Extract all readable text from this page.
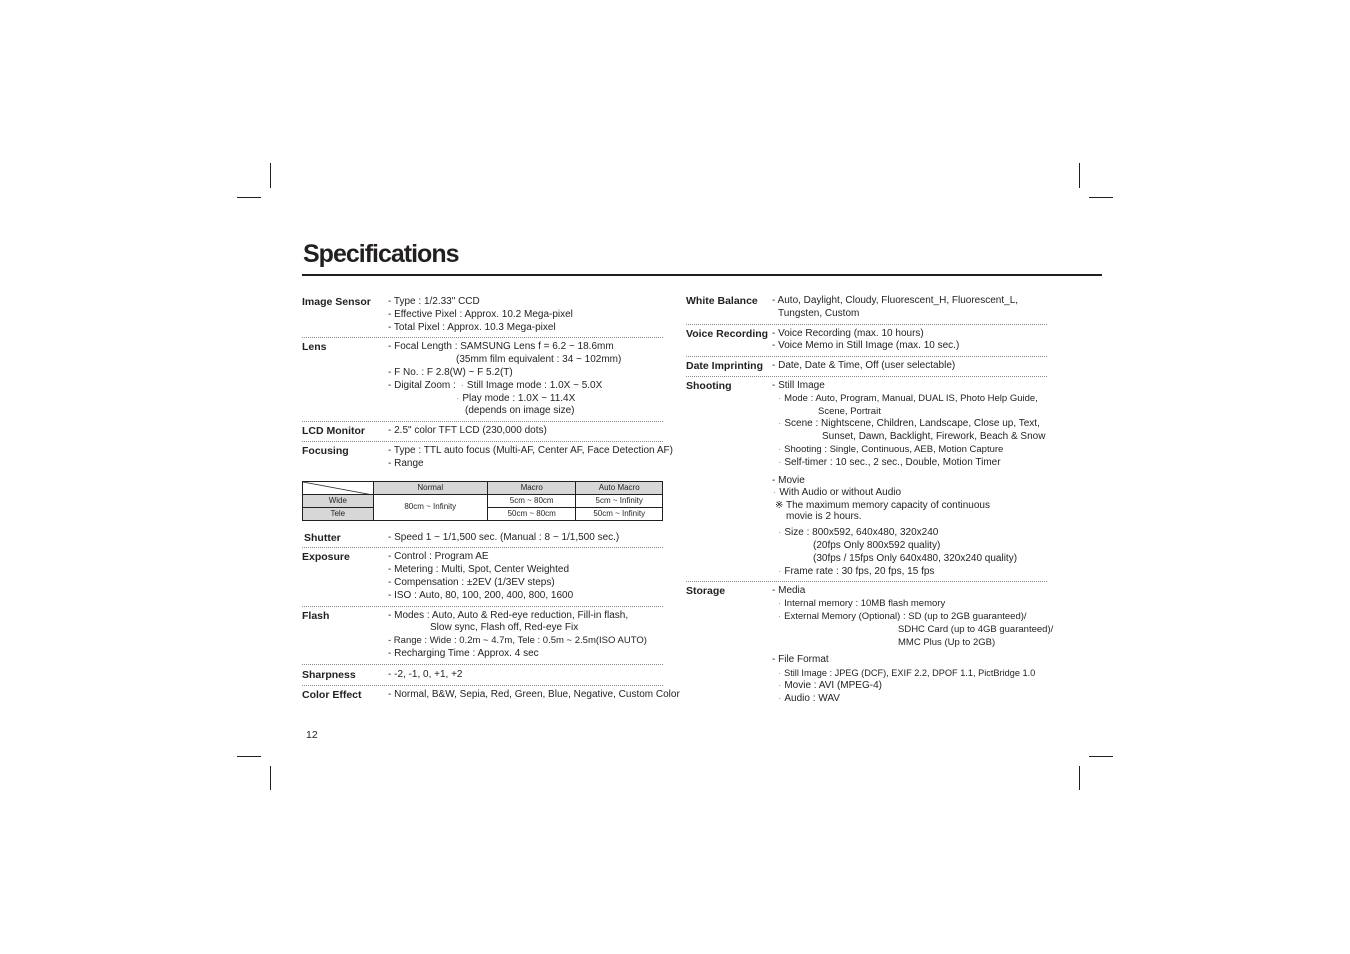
Specifications
Image Sensor - Type : 1/2.33" CCD
- Effective Pixel : Approx. 10.2 Mega-pixel
- Total Pixel : Approx. 10.3 Mega-pixel
Lens	- Focal Length : SAMSUNG Lens f = 6.2 ~ 18.6mm
(35mm film equivalent : 34 ~ 102mm)
- F No. : F 2.8(W) ~ F 5.2(T)
- Digital Zoom : · Still Image mode : 1.0X ~ 5.0X
· Play mode : 1.0X ~ 11.4X
(depends on image size)
LCD Monitor - 2.5" color TFT LCD (230,000 dots)
Focusing	- Type : TTL auto focus (Multi-AF, Center AF, Face Detection AF)
- Range
	Normal	Macro	Auto Macro
Wide	80cm ~ Infinity	5cm ~ 80cm	5cm ~ Infinity
Tele		50cm ~ 80cm	50cm ~ Infinity
Shutter	- Speed 1 ~ 1/1,500 sec. (Manual : 8 ~ 1/1,500 sec.)
Exposure	- Control : Program AE
- Metering : Multi, Spot, Center Weighted
- Compensation : ±2EV (1/3EV steps)
- ISO : Auto, 80, 100, 200, 400, 800, 1600
Flash	- Modes : Auto, Auto & Red-eye reduction, Fill-in flash,
Slow sync, Flash off, Red-eye Fix
- Range : Wide : 0.2m ~ 4.7m, Tele : 0.5m ~ 2.5m(ISO AUTO)
- Recharging Time : Approx. 4 sec
Sharpness	- -2, -1, 0, +1, +2
Color Effect	- Normal, B&W, Sepia, Red, Green, Blue, Negative, Custom Color
White Balance - Auto, Daylight, Cloudy, Fluorescent_H, Fluorescent_L,
Tungsten, Custom
Voice Recording - Voice Recording (max. 10 hours)
- Voice Memo in Still Image (max. 10 sec.)
Date Imprinting - Date, Date & Time, Off (user selectable)
Shooting	- Still Image
· Mode : Auto, Program, Manual, DUAL IS, Photo Help Guide,
Scene, Portrait
· Scene : Nightscene, Children, Landscape, Close up, Text,
Sunset, Dawn, Backlight, Firework, Beach & Snow
· Shooting : Single, Continuous, AEB, Motion Capture
· Self-timer : 10 sec., 2 sec., Double, Motion Timer
- Movie
· With Audio or without Audio
※ The maximum memory capacity of continuous
movie is 2 hours.
· Size : 800x592, 640x480, 320x240
(20fps Only 800x592 quality)
(30fps / 15fps Only 640x480, 320x240 quality)
· Frame rate : 30 fps, 20 fps, 15 fps
Storage	- Media
· Internal memory : 10MB flash memory
· External Memory (Optional) : SD (up to 2GB guaranteed)/
SDHC Card (up to 4GB guaranteed)/
MMC Plus (Up to 2GB)
- File Format
· Still Image : JPEG (DCF), EXIF 2.2, DPOF 1.1, PictBridge 1.0
· Movie : AVI (MPEG-4)
· Audio : WAV
12
